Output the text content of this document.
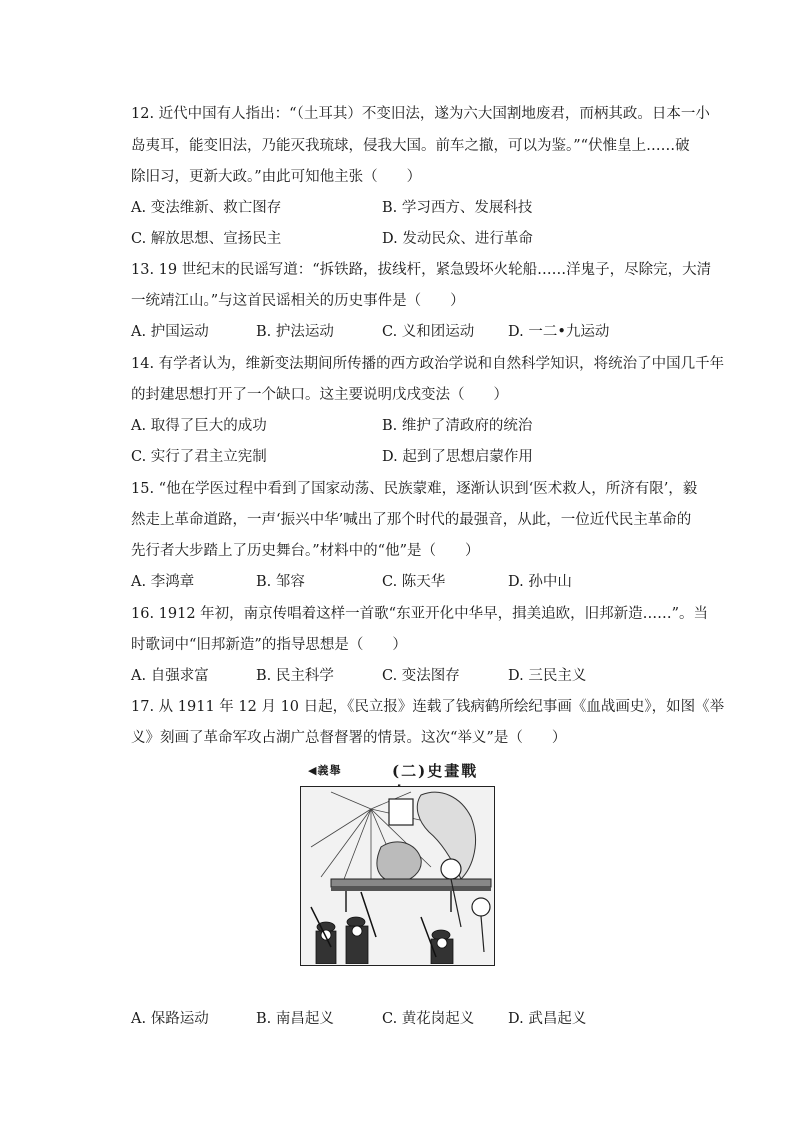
12. 近代中国有人指出：“（土耳其）不变旧法，遂为六大国割地废君，而柄其政。日本一小
岛夷耳，能变旧法，乃能灭我琉球，侵我大国。前车之撤，可以为鉴。”“伏惟皇上……破
除旧习，更新大政。”由此可知他主张（　　）
A. 变法维新、救亡图存	B. 学习西方、发展科技
C. 解放思想、宣扬民主	D. 发动民众、进行革命
13. 19 世纪末的民谣写道：“拆铁路，拔线杆，紧急毁坏火轮船……洋鬼子，尽除完，大清
一统靖江山。”与这首民谣相关的历史事件是（　　）
A. 护国运动	B. 护法运动	C. 义和团运动 D. 一二•九运动
14. 有学者认为，维新变法期间所传播的西方政治学说和自然科学知识，将统治了中国几千年
的封建思想打开了一个缺口。这主要说明戊戌变法（　　）
A. 取得了巨大的成功	B. 维护了清政府的统治
C. 实行了君主立宪制	D. 起到了思想启蒙作用
15. “他在学医过程中看到了国家动荡、民族蒙难，逐渐认识到‘医术救人，所济有限’，毅
然走上革命道路，一声‘振兴中华’喊出了那个时代的最强音，从此，一位近代民主革命的
先行者大步踏上了历史舞台。”材料中的“他”是（　　）
A. 李鸿章	B. 邹容	C. 陈天华	D. 孙中山
16. 1912 年初，南京传唱着这样一首歌“东亚开化中华早，揖美追欧，旧邦新造……”。当
时歌词中“旧邦新造”的指导思想是（　　）
A. 自强求富	B. 民主科学	C. 变法图存	D. 三民主义
17. 从 1911 年 12 月 10 日起，《民立报》连载了钱病鹤所绘纪事画《血战画史》，如图《举
义》刻画了革命军攻占湖广总督督署的情景。这次“举义”是（　　）
◀義舉	(二)史畫戰
A. 保路运动	B. 南昌起义	C. 黄花岗起义 D. 武昌起义
